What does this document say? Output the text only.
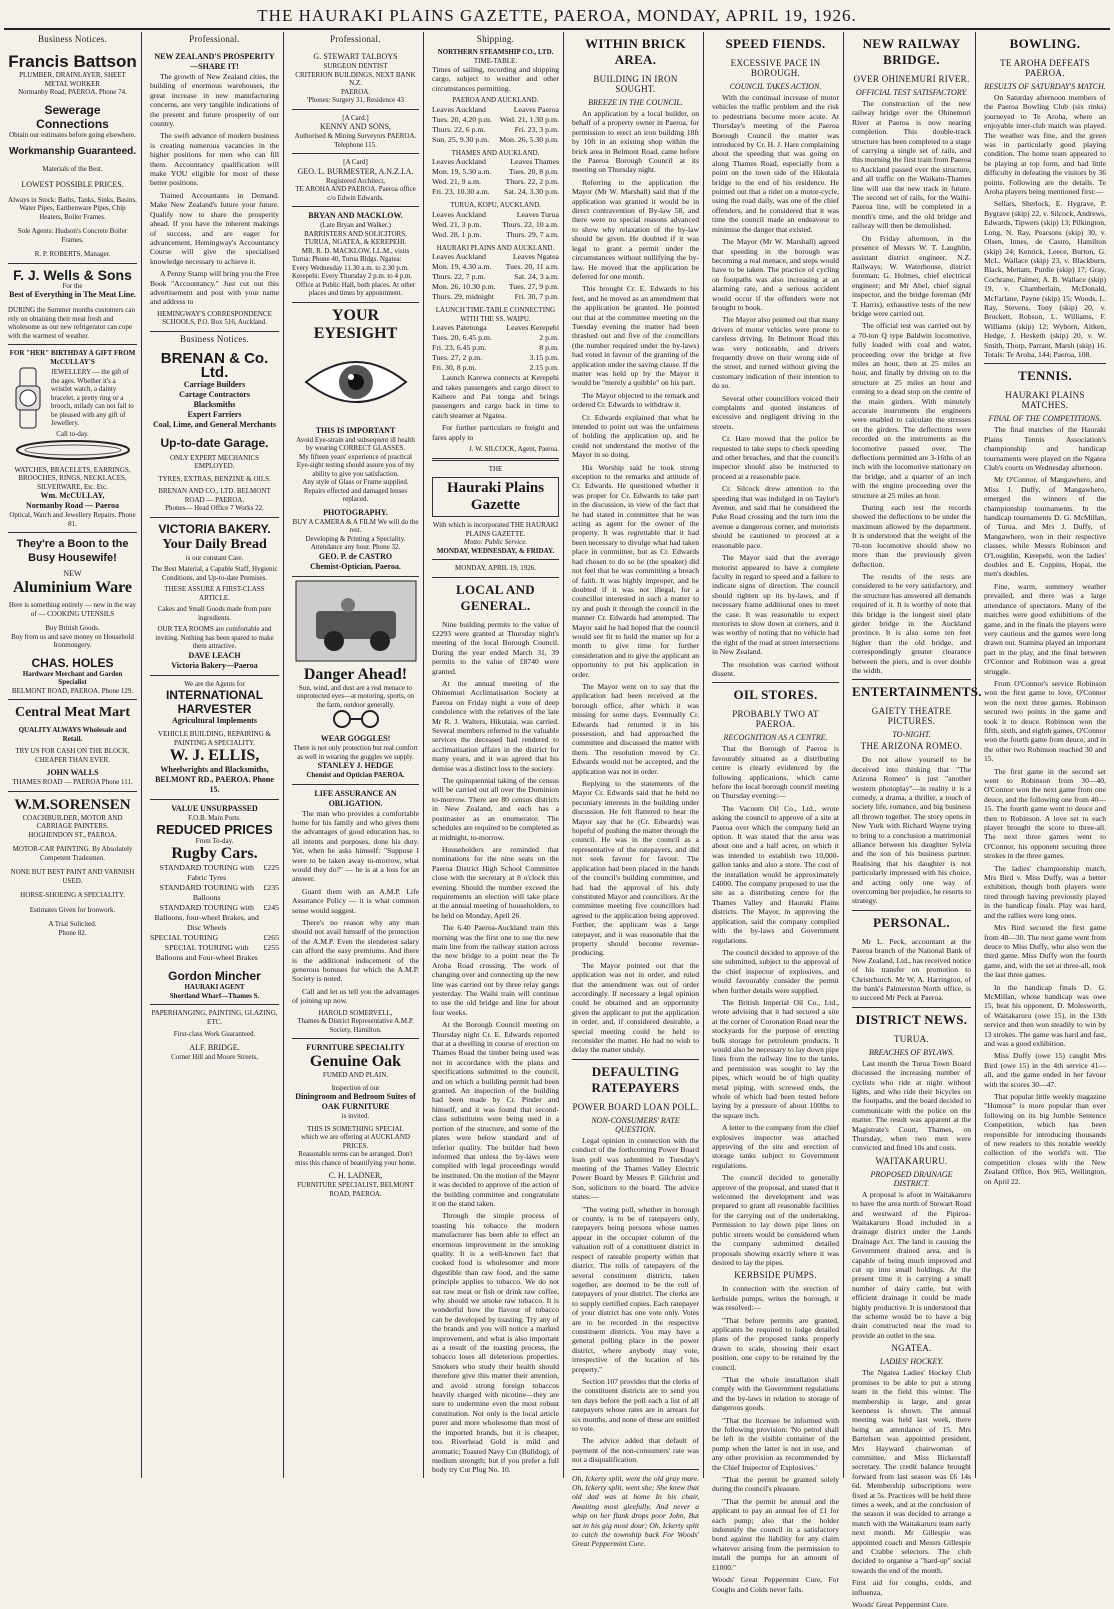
THE HAURAKI PLAINS GAZETTE, PAEROA, MONDAY, APRIL 19, 1926.
Business Notices.
Francis Battson
PLUMBER, DRAINLAYER, SHEET METAL WORKER
Normanby Road, PAEROA. Phone 74.
Sewerage Connections
Obtain our estimates before going elsewhere.
Workmanship Guaranteed.
Materials of the Best.
LOWEST POSSIBLE PRICES.
Always in Stock: Baths, Tanks, Sinks, Basins, Water Pipes, Earthenware Pipes, Chip Heaters, Boiler Frames.
Sole Agents: Hudson's Concrete Boiler Frames.
R. P. ROBERTS, Manager.
F. J. Wells & Sons
For the
Best of Everything in The Meat Line.
DURING the Summer months customers can rely on obtaining their meat fresh and wholesome as our new refrigerator can cope with the warmest of weather.
FOR "HER" BIRTHDAY A GIFT FROM McCULLAY'S
JEWELLERY — the gift of the ages. Whether it's a wristlet watch, a dainty bracelet, a pretty ring or a brooch, milady can not fail to be pleased with any gift of Jewellery.
Call to-day.
WATCHES, BRACELETS, EARRINGS, BROOCHES, RINGS, NECKLACES, SILVERWARE, Etc. Etc.
Wm. McCULLAY,
Normanby Road — Paeroa
Optical, Watch and Jewellery Repairs. Phone 81.
They're a Boon to the Busy Housewife!
NEW
Aluminium Ware
Here is something entirely — new in the way of — COOKING UTENSILS
Buy British Goods.
Buy from us and save money on Household Ironmongery.
CHAS. HOLES
Hardware Merchant and Garden Specialist
BELMONT ROAD, PAEROA. Phone 129.
Central Meat Mart
QUALITY ALWAYS Wholesale and Retail.
TRY US FOR CASH ON THE BLOCK. CHEAPER THAN EVER.
JOHN WALLS
THAMES ROAD — PAEROA Phone 111.
W.M.SORENSEN
COACHBUILDER, MOTOR AND CARRIAGE PAINTERS.
HOGHENDON ST., PAEROA.
MOTOR-CAR PAINTING. By Absolutely Competent Tradesmen.
NONE BUT BEST PAINT AND VARNISH USED.
HORSE-SHOEING A SPECIALITY.
Estimates Given for Ironwork.
A Trial Solicited.
Phone 82.
Professional.
NEW ZEALAND'S PROSPERITY —SHARE IT!
The growth of New Zealand cities, the building of enormous warehouses, the great increase in new manufacturing concerns, are very tangible indications of the present and future prosperity of our country.
The swift advance of modern business is creating numerous vacancies in the higher positions for men who can fill them. Accountancy qualification will make YOU eligible for most of these better positions.
Trained Accountants in Demand. Make New Zealand's future your future. Qualify now to share the prosperity ahead. If you have the inherent makings of success, and are eager for advancement, Hemingway's Accountancy Course will give the specialised knowledge necessary to achieve it.
A Penny Stamp will bring you the Free Book "Accountancy." Just cut out this advertisement and post with your name and address to
HEMINGWAY'S CORRESPONDENCE SCHOOLS, P.O. Box 516, Auckland.
Business Notices.
BRENAN & Co. Ltd.
Carriage Builders
Cartage Contractors
Blacksmiths
Expert Farriers
Coal, Lime, and General Merchants
Up-to-date Garage.
ONLY EXPERT MECHANICS EMPLOYED.
TYRES, EXTRAS, BENZINE & OILS.
BRENAN AND CO., LTD. BELMONT ROAD — PAEROA.
Phones— Head Office 7 Works 22.
VICTORIA BAKERY.
Your Daily Bread
is our constant Care.
The Best Material, a Capable Staff, Hygienic Conditions, and Up-to-date Premises.
THESE ASSURE A FIRST-CLASS ARTICLE.
Cakes and Small Goods made from pure ingredients.
OUR TEA ROOMS are comfortable and inviting. Nothing has been spared to make them attractive.
DAVE LEACH
Victoria Bakery—Paeroa
We are the Agents for
INTERNATIONAL HARVESTER
Agricultural Implements
VEHICLE BUILDING, REPAIRING & PAINTING A SPECIALITY.
W. J. ELLIS,
Wheelwrights and Blacksmiths,
BELMONT RD., PAEROA. Phone 15.
VALUE UNSURPASSED
F.O.B. Main Ports.
REDUCED PRICES
From To-day.
Rugby Cars.
STANDARD TOURING with Fabric Tyres
£225
STANDARD TOURING with Balloons
£235
STANDARD TOURING with Balloons, four-wheel Brakes, and Disc Wheels
£245
SPECIAL TOURING	£265
SPECIAL TOURING with Balloons and Four-wheel Brakes
£255
Gordon Mincher
HAURAKI AGENT
Shortland Wharf—Thames S.
PAPERHANGING, PAINTING, GLAZING, ETC.
First-class Work Guaranteed.
ALF. BRIDGE.
Corner Hill and Moore Streets,
Professional.
G. STEWART TALBOYS
SURGEON DENTIST
CRITERION BUILDINGS, NEXT BANK N.Z.
PAEROA.
'Phones: Surgery 31, Residence 43
[A Card.]
KENNY AND SONS,
Authorised & Mining Surveyors PAEROA.
Telephone 115.
[A Card]
GEO. L. BURMESTER, A.N.Z.I.A.
Registered Architect,
TE AROHA AND PAEROA. Paeroa office c/o Edwin Edwards.
BRYAN AND MACKLOW.
(Late Bryan and Walker.)
BARRISTERS AND SOLICITORS, TURUA, NGATEA, & KEREPEHI.
MR. R. D. MACKLOW, LL.M., visits
Turua: Phone 40, Turua Bldgs. Ngatea: Every Wednesday 11.30 a.m. to 2.30 p.m. Kerepehi: Every Thursday 2 p.m. to 4 p.m.
Office at Public Hall, both places. At other places and times by appointment.
YOUR EYESIGHT
THIS IS IMPORTANT
Avoid Eye-strain and subsequent ill health by wearing CORRECT GLASSES.
My fifteen years' experience of practical Eye-sight testing should assure you of my ability to give you satisfaction.
Any style of Glass or Frame supplied. Repairs effected and damaged lenses replaced.
PHOTOGRAPHY.
BUY A CAMERA & A FILM We will do the rest.
Developing & Printing a Speciality. Attendance any hour. Phone 32.
GEO. P. de CASTRO
Chemist-Optician, Paeroa.
Danger Ahead!
Sun, wind, and dust are a real menace to unprotected eyes—at motoring, sports, on the farm, outdoor generally.
WEAR GOGGLES!
There is not only protection but real comfort as well in wearing the goggles we supply.
STANLEY J. HEDGE
Chemist and Optician PAEROA.
LIFE ASSURANCE AN OBLIGATION.
The man who provides a comfortable home for his family and who gives them the advantages of good education has, to all intents and purposes, done his duty. Yet, when he asks himself: "Suppose I were to be taken away to-morrow, what would they do?" — he is at a loss for an answer.
Guard them with an A.M.P. Life Assurance Policy — it is what common sense would suggest.
There's no reason why any man should not avail himself of the protection of the A.M.P. Even the slenderest salary can afford the easy premiums. And there is the additional inducement of the generous bonuses for which the A.M.P. Society is noted.
Call and let us tell you the advantages of joining up now.
HAROLD SOMERVELL,
Thames & District Representative A.M.P. Society, Hamilton.
FURNITURE SPECIALITY
Genuine Oak
FUMED AND PLAIN.
Inspection of our
Diningroom and Bedroom Suites of
OAK FURNITURE
is invited.
THIS IS SOMETHING SPECIAL
which we are offering at AUCKLAND PRICES.
Reasonable terms can be arranged. Don't miss this chance of beautifying your home.
C. H. LADNER,
FURNITURE SPECIALIST, BELMONT ROAD, PAEROA.
Shipping.
NORTHERN STEAMSHIP CO., LTD.
TIME-TABLE.
Times of sailing, recording and shipping cargo, subject to weather and other circumstances permitting.
PAEROA AND AUCKLAND.
Leaves Auckland	Leaves Paeroa
Tues. 20, 4.20 p.m. Wed. 21, 1.30 p.m.
Thurs. 22, 6 p.m.	Fri. 23, 3 p.m.
Sun. 25, 9.30 p.m. Mon. 26, 5.30 p.m.
THAMES AND AUCKLAND.
Leaves Auckland	Leaves Thames
Mon. 19, 5.30 a.m. Tues. 20, 8 p.m.
Wed. 21, 9 a.m.	Thurs. 22, 2 p.m.
Fri. 23, 10.30 a.m. Sat. 24, 3.30 p.m.
TURUA, KOPU, AUCKLAND.
Leaves Auckland	Leaves Turua
Wed. 21, 3 p.m.	Thurs. 22, 10 a.m.
Wed. 28, 1 p.m.	Thurs. 29, 7 a.m.
HAURAKI PLAINS AND AUCKLAND.
Leaves Auckland	Leaves Ngatea
Mon. 19, 4.30 a.m. Tues. 20, 11 a.m.
Thurs. 22, 7 p.m.	Sat. 24, 3 a.m.
Mon. 26, 10.30 p.m. Tues. 27, 9 p.m.
Thurs. 29, midnight	Fri. 30, 7 p.m.
LAUNCH TIME-TABLE CONNECTING WITH THE SS. WAIPU.
Leaves Patetonga	Leaves Kerepehi
Tues. 20, 6.45 p.m.	2 p.m.
Fri. 23, 6.45 p.m.	8 p.m.
Tues. 27, 2 p.m.	3.15 p.m.
Fri. 30, 8 p.m.	2.15 p.m.
Launch Karewa connects at Kerepehi and takes passengers and cargo direct to Kaihere and Pat tonga and brings passengers and cargo back in time to catch steamer at Ngatea.
For further particulars re freight and fares apply to
J. W. SILCOCK, Agent, Paeroa.
THE
Hauraki Plains Gazette
With which is incorporated THE HAURAKI PLAINS GAZETTE.
Motto: Public Service.
MONDAY, WEDNESDAY, & FRIDAY.
MONDAY, APRIL 19, 1926.
LOCAL AND GENERAL.
Nine building permits to the value of £2293 were granted at Thursday night's meeting of the local Borough Council. During the year ended March 31, 39 permits to the value of £8740 were granted.
At the annual meeting of the Ohinemuri Acclimatisation Society at Paeroa on Friday night a vote of deep condolence with the relatives of the late Mr R. J. Walters, Hikutaia, was carried. Several members referred to the valuable services the deceased had rendered to acclimatisation affairs in the district for many years, and it was agreed that his demise was a distinct loss to the society.
The quinquennial taking of the census will be carried out all over the Dominion to-morrow. There are 80 census districts in New Zealand, and each has a postmaster as an enumerator. The schedules are required to be completed as at midnight, to-morrow.
Householders are reminded that nominations for the nine seats on the Paeroa District High School Committee close with the secretary at 8 o'clock this evening. Should the number exceed the requirements an election will take place at the annual meeting of householders, to be held on Monday, April 26.
The 6.40 Paeroa-Auckland train this morning was the first one to use the new main line from the railway station across the new bridge to a point near the Te Aroha Road crossing. The work of changing over and connecting up the new line was carried out by three relay gangs yesterday. The Waihi train will continue to use the old bridge and line for about four weeks.
At the Borough Council meeting on Thursday night Cr. E. Edwards reported that at a dwelling in course of erection on Thames Road the timber being used was not in accordance with the plans and specifications submitted to the council, and on which a building permit had been granted. An inspection of the building had been made by Cr. Pinder and himself, and it was found that second-class substitutes were being used in a portion of the structure, and some of the plates were below standard and of inferior quality. The builder had been informed that unless the by-laws were complied with legal proceedings would be instituted. On the motion of the Mayor it was decided to approve of the action of the building committee and congratulate it on the stand taken.
Through the simple process of toasting his tobacco the modern manufacturer has been able to effect an enormous improvement in the smoking quality. It is a well-known fact that cooked food is wholesomer and more digestible than raw food, and the same principle applies to tobacco. We do not eat raw meat or fish or drink raw coffee, why should we smoke raw tobacco. It is wonderful how the flavour of tobacco can be developed by toasting. Try any of the brands and you will notice a marked improvement, and what is also important as a result of the toasting process, the tobacco loses all deleterious properties. Smokers who study their health should therefore give this matter their attention, and avoid strong foreign tobaccos heavily charged with nicotine—they are sure to undermine even the most robust constitution. Not only is the local article purer and more wholesome than most of the imported brands, but it is cheaper, too. Riverhead Gold is mild and aromatic; Toasted Navy Cut (Bulldog), of medium strength; but if you prefer a full body try Cut Plug No. 10.
WITHIN BRICK AREA.
BUILDING IN IRON SOUGHT.
BREEZE IN THE COUNCIL.
An application by a local builder, on behalf of a property owner in Paeroa, for permission to erect an iron building 18ft by 10ft in an existing shop within the brick area in Belmont Road, came before the Paeroa Borough Council at its meeting on Thursday night.
Referring to the application the Mayor (Mr W. Marshall) said that if the application was granted it would be in direct contravention of By-law 58, and there were no special reasons advanced to show why relaxation of the by-law should be given. He doubted if it was legal to grant a permit under the circumstances without nullifying the by-law. He moved that the application be deferred for one month.
This brought Cr. E. Edwards to his feet, and he moved as an amendment that the application be granted. He pointed out that at the committee meeting on the Tuesday evening the matter had been thrashed out and five of the councillors (the number required under the by-laws) had voted in favour of the granting of the application under the saving clause. If the matter was held up by the Mayor it would be "merely a quibble" on his part.
The Mayor objected to the remark and ordered Cr. Edwards to withdraw it.
Cr. Edwards explained that what he intended to point out was the unfairness of holding the application up, and he could not understand the motive of the Mayor in so doing.
His Worship said he took strong exception to the remarks and attitude of Cr. Edwards. He questioned whether it was proper for Cr. Edwards to take part in the discussion, in view of the fact that he had stated in committee that he was acting as agent for the owner of the property. It was regrettable that it had been necessary to divulge what had taken place in committee, but as Cr. Edwards had chosen to do so he (the speaker) did not feel that he was committing a breach of faith. It was highly improper, and he doubted if it was not illegal, for a councillor interested in such a matter to try and push it through the council in the manner Cr. Edwards had attempted. The Mayor said he had hoped that the council would see fit to hold the matter up for a month to give time for further consideration and to give the applicant an opportunity to put his application in order.
The Mayor went on to say that the application had been received at the borough office, after which it was missing for some days. Eventually Cr. Edwards had returned it in his possession, and had approached the committee and discussed the matter with them. The resolution moved by Cr. Edwards would not be accepted, and the application was not in order.
Replying to the statements of the Mayor Cr. Edwards said that he held no pecuniary interests in the building under discussion. He felt flattered to hear the Mayor say that he (Cr. Edwards) was hopeful of pushing the matter through the council. He was in the council as a representative of the ratepayers, and did not seek favour for favour. The application had been placed in the hands of the council's building committee, and had had the approval of his duly constituted Mayor and councillors. At the committee meeting five councillors had agreed to the application being approved. Further, the applicant was a large ratepayer, and it was reasonable that the property should become revenue-producing.
The Mayor pointed out that the application was not in order, and ruled that the amendment was out of order accordingly. If necessary a legal opinion could be obtained and an opportunity given the applicant to put the application in order, and, if considered desirable, a special meeting could be held to reconsider the matter. He had no wish to delay the matter unduly.
DEFAULTING RATEPAYERS
POWER BOARD LOAN POLL.
NON-CONSUMERS' RATE QUESTION.
Legal opinion in connection with the conduct of the forthcoming Power Board loan poll was submitted to Tuesday's meeting of the Thames Valley Electric Power Board by Messrs P. Gilchrist and Son, solicitors to the board. The advice states:—
"The voting poll, whether in borough or county, is to be of ratepayers only, ratepayers being persons whose names appear in the occupier column of the valuation roll of a constituent district in respect of rateable property within that district. The rolls of ratepayers of the several constituent districts, taken together, are deemed to be the roll of ratepayers of your district. The clerks are to supply certified copies. Each ratepayer of your district has one vote only. Votes are to be recorded in the respective constituent districts. You may have a general polling place in the power district, where anybody may vote, irrespective of the location of his property."
Section 107 provides that the clerks of the constituent districts are to send you ten days before the poll each a list of all ratepayers whose rates are in arrears for six months, and none of these are entitled to vote.
The advice added that default of payment of the non-consumers' rate was not a disqualification.
Oh, Ickerty split, went the old gray mare. Oh, Ickerty split, went she; She knew that old dad was at home In his chair, Awaiting most gleefully, And never a whip on her flank drops poor John, But sat in his gig most dour; Oh, Ickerty split to catch the township back For Woods' Great Peppermint Cure.
SPEED FIENDS.
EXCESSIVE PACE IN BOROUGH.
COUNCIL TAKES ACTION.
With the continual increase of motor vehicles the traffic problem and the risk to pedestrians become more acute. At Thursday's meeting of the Paeroa Borough Council the matter was introduced by Cr. H. J. Hare complaining about the speeding that was going on along Thames Road, especially from a point on the town side of the Hikutaia bridge to the end of his residence. He pointed out that a rider on a motor-cycle, using the road daily, was one of the chief offenders, and he considered that it was time the council made an endeavour to minimise the danger that existed.
The Mayor (Mr W. Marshall) agreed that speeding in the borough was becoming a real menace, and steps would have to be taken. The practice of cycling on footpaths was also increasing at an alarming rate, and a serious accident would occur if the offenders were not brought to book.
The Mayor also pointed out that many drivers of motor vehicles were prone to careless driving. In Belmont Road this was very noticeable, and drivers frequently drove on their wrong side of the street, and turned without giving the customary indication of their intention to do so.
Several other councillors voiced their complaints and quoted instances of excessive and negligent driving in the streets.
Cr. Hare moved that the police be requested to take steps to check speeding and other breaches, and that the council's inspector should also be instructed to proceed at a reasonable pace.
Cr. Silcock drew attention to the speeding that was indulged in on Taylor's Avenue, and said that he considered the Puke Road crossing and the turn into the avenue a dangerous corner, and motorists should be cautioned to proceed at a reasonable pace.
The Mayor said that the average motorist appeared to have a complete faculty in regard to speed and a failure to indicate signs of direction. The council should tighten up its by-laws, and if necessary frame additional ones to meet the case. It was reasonable to expect motorists to slow down at corners, and it was worthy of noting that no vehicle had the right of the road at street intersections in New Zealand.
The resolution was carried without dissent.
OIL STORES.
PROBABLY TWO AT PAEROA.
RECOGNITION AS A CENTRE.
That the Borough of Paeroa is favourably situated as a distributing centre is clearly evidenced by the following applications, which came before the local borough council meeting on Thursday evening:—
The Vacuum Oil Co., Ltd., wrote asking the council to approve of a site at Paeroa over which the company held an option. It was stated that the area was about one and a half acres, on which it was intended to establish two 10,000-gallon tanks and also a store. The cost of the installation would be approximately £4000. The company proposed to use the site as a distributing centre for the Thames Valley and Hauraki Plains districts. The Mayor, in approving the application, said the company complied with the by-laws and Government regulations.
The council decided to approve of the site submitted, subject to the approval of the chief inspector of explosives, and would favourably consider the permit when further details were supplied.
The British Imperial Oil Co., Ltd., wrote advising that it had secured a site at the corner of Coronation Road near the stockyards for the purpose of erecting bulk storage for petroleum products. It would also be necessary to lay down pipe lines from the railway line to the tanks, and permission was sought to lay the pipes, which would be of high quality metal piping, with screwed ends, the whole of which had been tested before laying by a pressure of about 100lbs to the square inch.
A letter to the company from the chief explosives inspector was attached approving of the site and erection of storage tanks subject to Government regulations.
The council decided to generally approve of the proposal, and stated that it welcomed the development and was prepared to grant all reasonable facilities for the carrying out of the undertaking. Permission to lay down pipe lines on public streets would be considered when the company submitted detailed proposals showing exactly where it was desired to lay the pipes.
KERBSIDE PUMPS.
In connection with the erection of kerbside pumps, writes the borough, it was resolved:—
"That before permits are granted, applicants be required to lodge detailed plans of the proposed tanks properly drawn to scale, showing their exact position, one copy to be retained by the council.
"That the whole installation shall comply with the Government regulations and the by-laws in relation to storage of dangerous goods.
"That the licensee be informed with the following provision: 'No petrol shall be left in the visible container of the pump when the latter is not in use, and any other provision as recommended by the Chief Inspector of Explosives.'
"That the permit be granted solely during the council's pleasure.
"That the permit be annual and the applicant to pay an annual fee of £1 for each pump; also that the holder indemnify the council in a satisfactory bond against the liability for any claim whatever arising from the permission to install the pumps for an amount of £1000."
Woods' Great Peppermint Cure, For Coughs and Colds never fails.
NEW RAILWAY BRIDGE.
OVER OHINEMURI RIVER.
OFFICIAL TEST SATISFACTORY.
The construction of the new railway bridge over the Ohinemuri River at Paeroa is now nearing completion. This double-track structure has been completed to a stage of carrying a single set of rails, and this morning the first train from Paeroa to Auckland passed over the structure, and all traffic on the Waikato-Thames line will use the new track in future. The second set of rails, for the Waihi-Paeroa line, will be completed in a month's time, and the old bridge and railway will then be demolished.
On Friday afternoon, in the presence of Messrs W. T. Laughlin, assistant district engineer, N.Z. Railways; W. Waterhouse, district foreman; G. Holmes, chief electrical engineer; and Mr Abel, chief signal inspector, and the bridge foreman (Mr T. Harris), exhaustive tests of the new bridge were carried out.
The official test was carried out by a 70-ton Q type Baldwin locomotive, fully loaded with coal and water, proceeding over the bridge at five miles an hour, then at 25 miles an hour, and finally by driving on to the structure at 25 miles an hour and coming to a dead stop on the centre of the main girders. With minutely accurate instruments the engineers were enabled to calculate the stresses on the girders. The deflections were recorded on the instruments as the locomotive passed over. The deflections permitted are 3-16ths of an inch with the locomotive stationary on the bridge, and a quarter of an inch with the engine proceeding over the structure at 25 miles an hour.
During each test the records showed the deflections to be under the maximum allowed by the department. It is understood that the weight of the 70-ton locomotive should show no more than the previously given deflection.
The results of the tests are considered to be very satisfactory, and the structure has answered all demands required of it. It is worthy of note that this bridge is the longest steel plate girder bridge in the Auckland province. It is also some ten feet higher than the old bridge, and correspondingly greater clearance between the piers, and is over double the width.
ENTERTAINMENTS.
GAIETY THEATRE PICTURES.
TO-NIGHT.
THE ARIZONA ROMEO.
Do not allow yourself to be deceived into thinking that "The Arizona Romeo" is just "another western photoplay"—in reality it is a comedy, a drama, a thriller, a touch of society life, romance, and big business all thrown together. The story opens in New York with Richard Wayne trying to bring to a conclusion a matrimonial alliance between his daughter Sylvia and the son of his business partner. Realising that his daughter is not particularly impressed with his choice, and acting only one way of overcoming her prejudice, he resorts to strategy.
PERSONAL.
Mr L. Peck, accountant at the Paeroa branch of the National Bank of New Zealand, Ltd., has received notice of his transfer on promotion to Christchurch. Mr W. A. Harrington, of the bank's Palmerston North office, is to succeed Mr Peck at Paeroa.
DISTRICT NEWS.
TURUA.
BREACHES OF BYLAWS.
Last month the Turua Town Board discussed the increasing number of cyclists who ride at night without lights, and who ride their bicycles on the footpaths, and the board decided to communicate with the police on the matter. The result was apparent at the Magistrate's Court, Thames, on Thursday, when two men were convicted and fined 10s and costs.
WAITAKARURU.
PROPOSED DRAINAGE DISTRICT.
A proposal is afoot in Waitakaruru to have the area north of Stewart Road and westward of the Pipiroa-Waitakaruru Road included in a drainage district under the Lands Drainage Act. The land is causing the Government drained area, and is capable of being much improved and cut up into small holdings. At the present time it is carrying a small number of dairy cattle, but with efficient drainage it could be made highly productive. It is understood that the scheme would be to have a big drain constructed near the road to provide an outlet to the sea.
NGATEA.
LADIES' HOCKEY.
The Ngatea Ladies' Hockey Club promises to be able to put a strong team in the field this winter. The membership is large, and great keenness is shown. The annual meeting was held last week, there being an attendance of 15. Mrs Bartelsen was appointed president, Mrs Hayward chairwoman of committee, and Miss Bickerstaff secretary. The credit balance brought forward from last season was £6 14s 6d. Membership subscriptions were fixed at 5s. Practices will be held three times a week, and at the conclusion of the season it was decided to arrange a match with the Waitakaruru team early next month. Mr Gillespie was appointed coach and Messrs Gillespie and Crabbe selectors. The club decided to organise a "hard-up" social towards the end of the month.
First aid for coughs, colds, and influenza,
Woods' Great Peppermint Cure.
BOWLING.
TE AROHA DEFEATS PAEROA.
RESULTS OF SATURDAY'S MATCH.
On Saturday afternoon members of the Paeroa Bowling Club (six rinks) journeyed to Te Aroha, where an enjoyable inter-club match was played. The weather was fine, and the green was in particularly good playing condition. The home team appeared to be playing at top form, and had little difficulty in defeating the visitors by 36 points. Following are the details. Te Aroha players being mentioned first:—
Sellars, Sherlock, E. Hygrave, P. Bygrave (skip) 22, v. Silcock, Andrews, Edwards, Tipwers (skip) 13; Pilkington, Long, N. Ray, Pearsons (skip) 30, v. Olsen, Innes, de Castro, Hamilton (skip) 24; Kenrick, Leece, Burton, G. McL. Wallace (skip) 23, v. Blackburn, Black, Mettam, Purdie (skip) 17; Gray, Cochrane, Palmer, A. B. Wallace (skip) 19, v. Chamberlain, McDonald, McFarlane, Payne (skip) 15; Woods, L. Ray, Stevens, Tony (skip) 20, v. Brockett, Robson, L. Williams, F. Williams (skip) 12; Wyborn, Aitken, Hedge, J. Hesketh (skip) 20, v. W. Smith, Thorp, Parrant, Marsh (skip) 16. Totals: Te Aroha, 144; Paeroa, 108.
TENNIS.
HAURAKI PLAINS MATCHES.
FINAL OF THE COMPETITIONS.
The final matches of the Hauraki Plains Tennis Association's championship and handicap tournaments were played on the Ngatea Club's courts on Wednesday afternoon.
Mr O'Connor, of Mangawhero, and Miss J. Duffy, of Mangawhero, emerged the winners of the championship tournaments. In the handicap tournaments D. G. McMillan, of Turua, and Mrs J. Duffy, of Mangawhero, won in their respective classes, while Messrs Robinson and O'Loughlin, Kerepehi, won the ladies' doubles and E. Coppins, Hopai, the men's doubles.
Fine, warm, summery weather prevailed, and there was a large attendance of spectators. Many of the matches were good exhibitions of the game, and in the finals the players were very cautious and the games were long drawn out. Stamina played an important part in the play, and the final between O'Connor and Robinson was a great struggle.
From O'Connor's service Robinson won the first game to love, O'Connor won the next three games. Robinson secured two points in the game and took it to deuce. Robinson won the fifth, sixth, and eighth games, O'Connor won the fourth game from deuce, and in the other two Robinson reached 30 and 15.
The first game in the second set went to Robinson from 30—40, O'Connor won the next game from one deuce, and the following one from 40—15. The fourth game went to deuce and then to Robinson. A love set to each player brought the score to three-all. The next three games went to O'Connor, his opponent securing three strokes in the three games.
The ladies' championship match, Mrs Bird v. Miss Duffy, was a better exhibition, though both players were tired through having previously played in the handicap finals. Play was hard, and the rallies were long ones.
Mrs Bird secured the first game from 40—30. The next game went from deuce to Miss Duffy, who also won the third game. Miss Duffy won the fourth game, and, with the set at three-all, took the last three games.
In the handicap finals D. G. McMillan, whose handicap was owe 15, beat his opponent, D. Molesworth, of Waitakaruru (owe 15), in the 13th service and then won steadily to win by 13 strokes. The game was hard and fast, and was a good exhibition.
Miss Duffy (owe 15) caught Mrs Bird (owe 15) in the 4th service 41—all, and the game ended in her favour with the scores 30—47.
That popular little weekly magazine "Humour" is more popular than ever following on its big Jumble Sentence Competition, which has been responsible for introducing thousands of new readers to this notable weekly collection of the world's wit. The competition closes with the New Zealand Office, Box 965, Wellington, on April 22.
